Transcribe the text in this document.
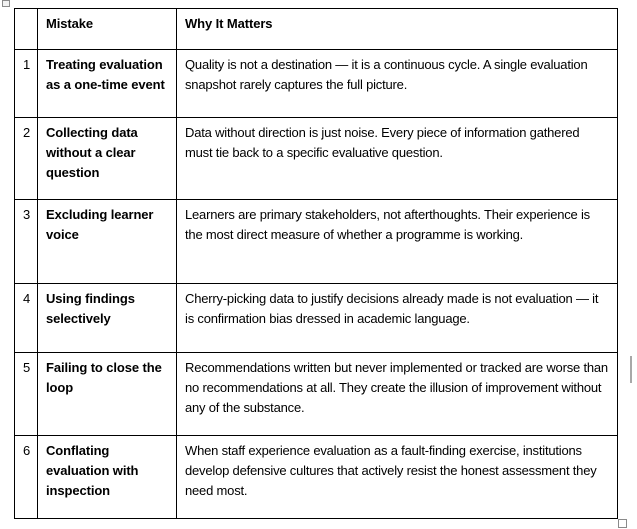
	Mistake	Why It Matters
1	Treating evaluation as a one-time event	Quality is not a destination — it is a continuous cycle. A single evaluation snapshot rarely captures the full picture.
2	Collecting data without a clear question	Data without direction is just noise. Every piece of information gathered must tie back to a specific evaluative question.
3	Excluding learner voice	Learners are primary stakeholders, not afterthoughts. Their experience is the most direct measure of whether a programme is working.
4	Using findings selectively	Cherry-picking data to justify decisions already made is not evaluation — it is confirmation bias dressed in academic language.
5	Failing to close the loop	Recommendations written but never implemented or tracked are worse than no recommendations at all. They create the illusion of improvement without any of the substance.
6	Conflating evaluation with inspection	When staff experience evaluation as a fault-finding exercise, institutions develop defensive cultures that actively resist the honest assessment they need most.
